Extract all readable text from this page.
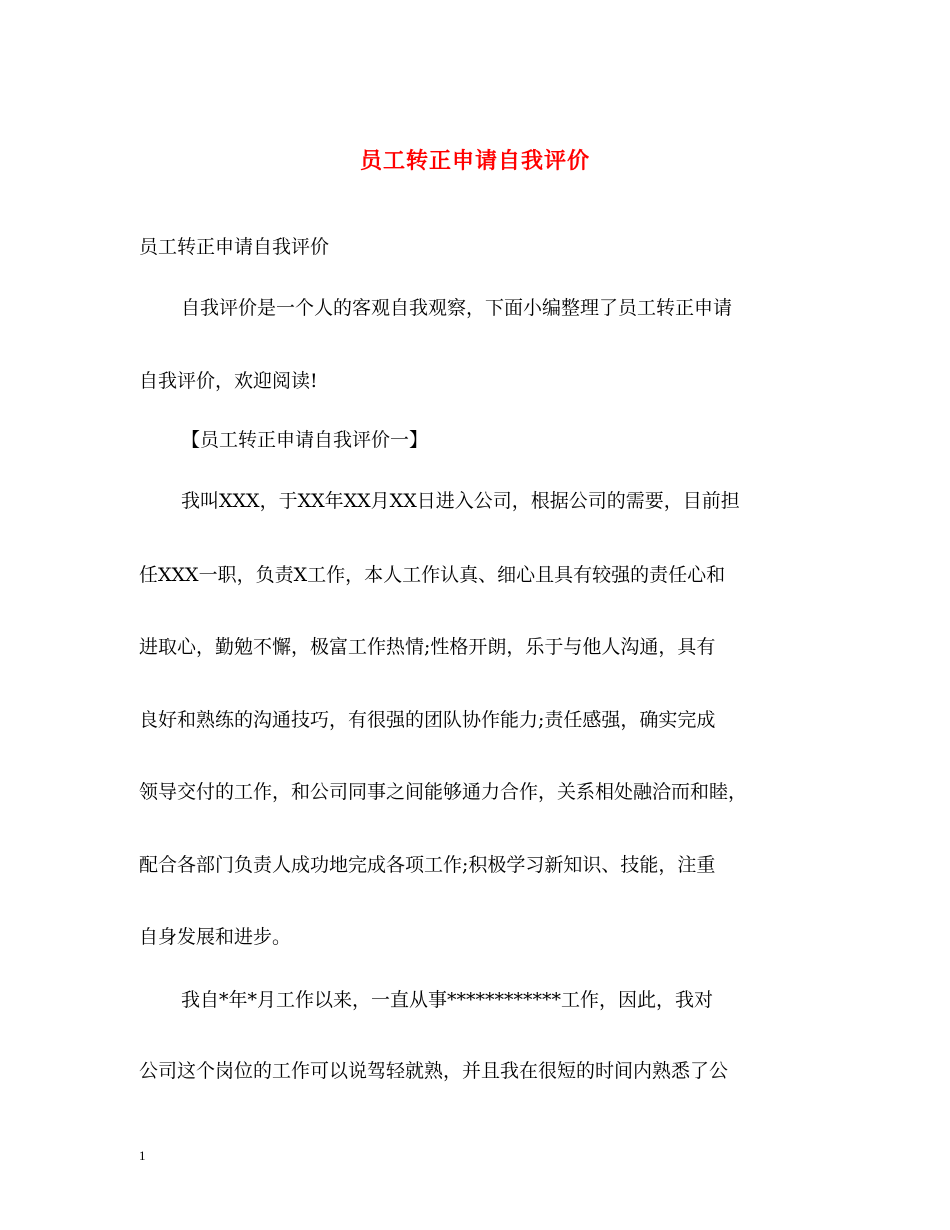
员工转正申请自我评价

员工转正申请自我评价

自我评价是一个人的客观自我观察，下面小编整理了员工转正申请

自我评价，欢迎阅读!

【员工转正申请自我评价一】

我叫XXX，于XX年XX月XX日进入公司，根据公司的需要，目前担

任XXX一职，负责X工作，本人工作认真、细心且具有较强的责任心和

进取心，勤勉不懈，极富工作热情;性格开朗，乐于与他人沟通，具有

良好和熟练的沟通技巧，有很强的团队协作能力;责任感强，确实完成

领导交付的工作，和公司同事之间能够通力合作，关系相处融洽而和睦，

配合各部门负责人成功地完成各项工作;积极学习新知识、技能，注重

自身发展和进步。

我自*年*月工作以来，一直从事************工作，因此，我对

公司这个岗位的工作可以说驾轻就熟，并且我在很短的时间内熟悉了公

1
